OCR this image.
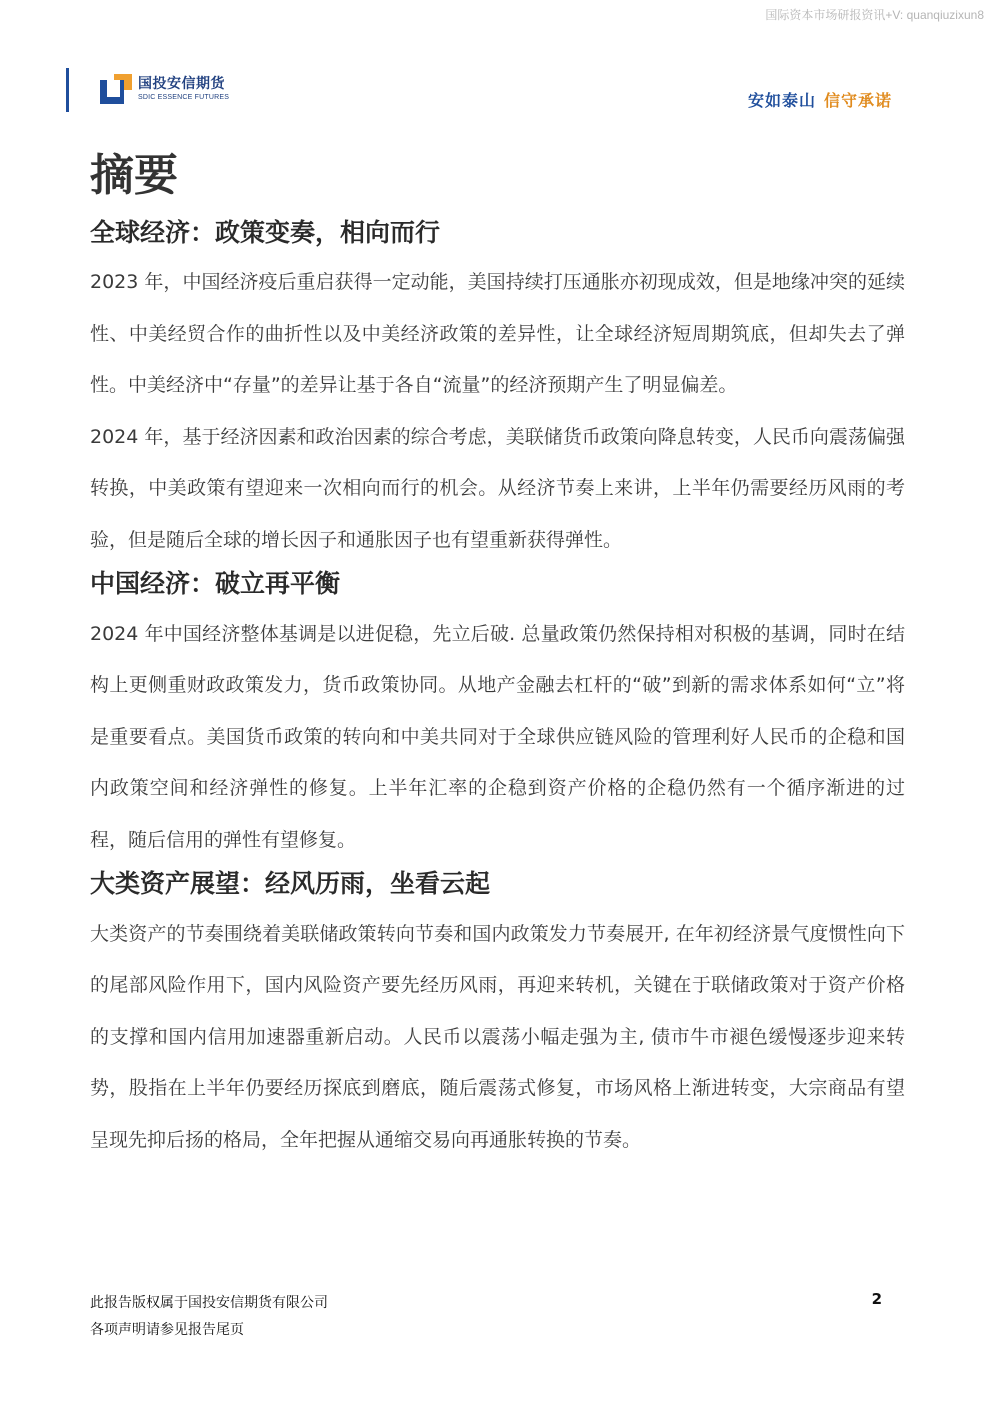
国际资本市场研报资讯+V: quanqiuzixun8
国投安信期货
SDIC ESSENCE FUTURES	安如泰山 信守承诺
摘要
全球经济：政策变奏，相向而行

2023 年，中国经济疫后重启获得一定动能，美国持续打压通胀亦初现成效，但是地缘冲突的延续性、中美经贸合作的曲折性以及中美经济政策的差异性，让全球经济短周期筑底，但却失去了弹性。中美经济中“存量”的差异让基于各自“流量”的经济预期产生了明显偏差。

2024 年，基于经济因素和政治因素的综合考虑，美联储货币政策向降息转变，人民币向震荡偏强转换，中美政策有望迎来一次相向而行的机会。从经济节奏上来讲，上半年仍需要经历风雨的考验，但是随后全球的增长因子和通胀因子也有望重新获得弹性。

中国经济：破立再平衡

2024 年中国经济整体基调是以进促稳，先立后破. 总量政策仍然保持相对积极的基调，同时在结构上更侧重财政政策发力，货币政策协同。从地产金融去杠杆的“破”到新的需求体系如何“立”将是重要看点。美国货币政策的转向和中美共同对于全球供应链风险的管理利好人民币的企稳和国内政策空间和经济弹性的修复。上半年汇率的企稳到资产价格的企稳仍然有一个循序渐进的过程，随后信用的弹性有望修复。

大类资产展望：经风历雨，坐看云起

大类资产的节奏围绕着美联储政策转向节奏和国内政策发力节奏展开, 在年初经济景气度惯性向下的尾部风险作用下，国内风险资产要先经历风雨，再迎来转机，关键在于联储政策对于资产价格的支撑和国内信用加速器重新启动。人民币以震荡小幅走强为主, 债市牛市褪色缓慢逐步迎来转势，股指在上半年仍要经历探底到磨底，随后震荡式修复，市场风格上渐进转变，大宗商品有望呈现先抑后扬的格局，全年把握从通缩交易向再通胀转换的节奏。

此报告版权属于国投安信期货有限公司
各项声明请参见报告尾页
2
